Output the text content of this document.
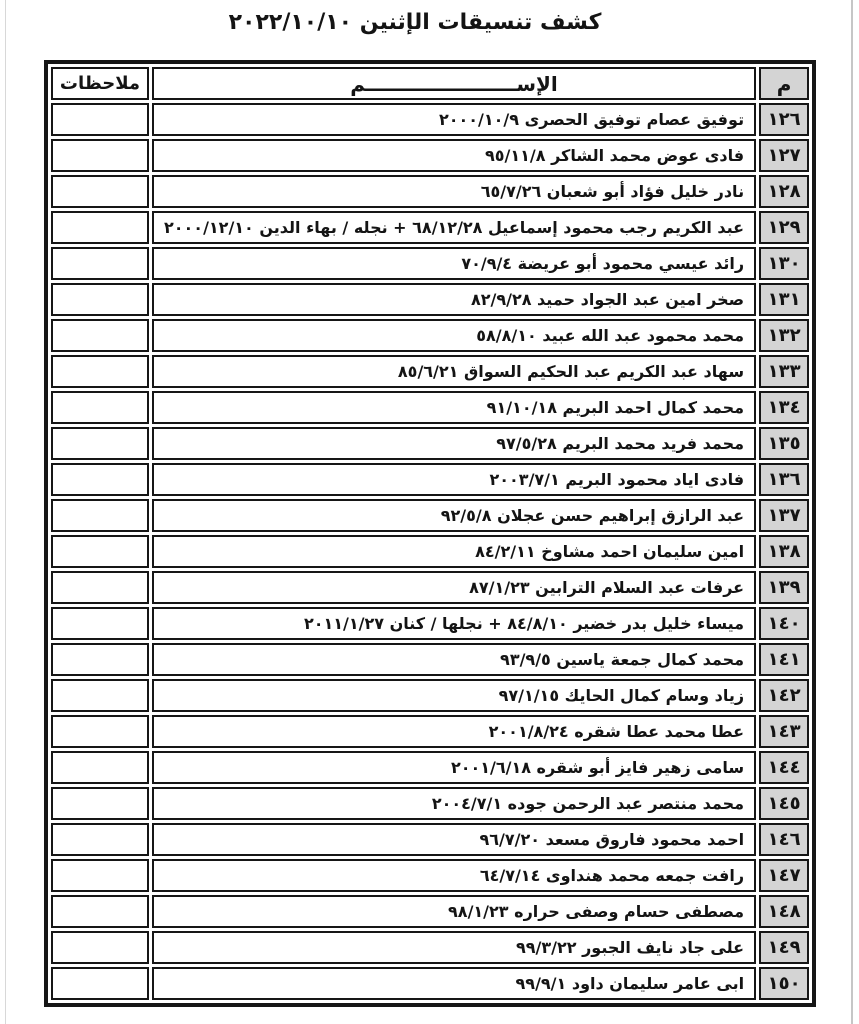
كشف تنسيقات الإثنين ٢٠٢٢/١٠/١٠
م	الإســــــــــــــــــــــم	ملاحظات
١٢٦	توفيق عصام توفيق الحصرى ٢٠٠٠/١٠/٩	
١٢٧	فادى عوض محمد الشاكر ٩٥/١١/٨	
١٢٨	نادر خليل فؤاد أبو شعبان ٦٥/٧/٢٦	
١٢٩	عبد الكريم رجب محمود إسماعيل ٦٨/١٢/٢٨ + نجله / بهاء الدين ٢٠٠٠/١٢/١٠	
١٣٠	رائد عيسي محمود أبو عريضة ٧٠/٩/٤	
١٣١	صخر امين عبد الجواد حميد ٨٢/٩/٢٨	
١٣٢	محمد محمود عبد الله عبيد ٥٨/٨/١٠	
١٣٣	سهاد عبد الكريم عبد الحكيم السواق ٨٥/٦/٢١	
١٣٤	محمد كمال احمد البريم ٩١/١٠/١٨	
١٣٥	محمد فريد محمد البريم ٩٧/٥/٢٨	
١٣٦	فادى اياد محمود البريم ٢٠٠٣/٧/١	
١٣٧	عبد الرازق إبراهيم حسن عجلان ٩٢/٥/٨	
١٣٨	امين سليمان احمد مشاوخ ٨٤/٢/١١	
١٣٩	عرفات عبد السلام الترابين ٨٧/١/٢٣	
١٤٠	ميساء خليل بدر خضير ٨٤/٨/١٠ + نجلها / كنان ٢٠١١/١/٢٧	
١٤١	محمد كمال جمعة ياسين ٩٣/٩/٥	
١٤٢	زياد وسام كمال الحايك ٩٧/١/١٥	
١٤٣	عطا محمد عطا شقره ٢٠٠١/٨/٢٤	
١٤٤	سامى زهير فايز أبو شقره ٢٠٠١/٦/١٨	
١٤٥	محمد منتصر عبد الرحمن جوده ٢٠٠٤/٧/١	
١٤٦	احمد محمود فاروق مسعد ٩٦/٧/٢٠	
١٤٧	رافت جمعه محمد هنداوى ٦٤/٧/١٤	
١٤٨	مصطفى حسام وصفى حراره ٩٨/١/٢٣	
١٤٩	على جاد نايف الجبور ٩٩/٣/٢٢	
١٥٠	ابى عامر سليمان داود ٩٩/٩/١	
